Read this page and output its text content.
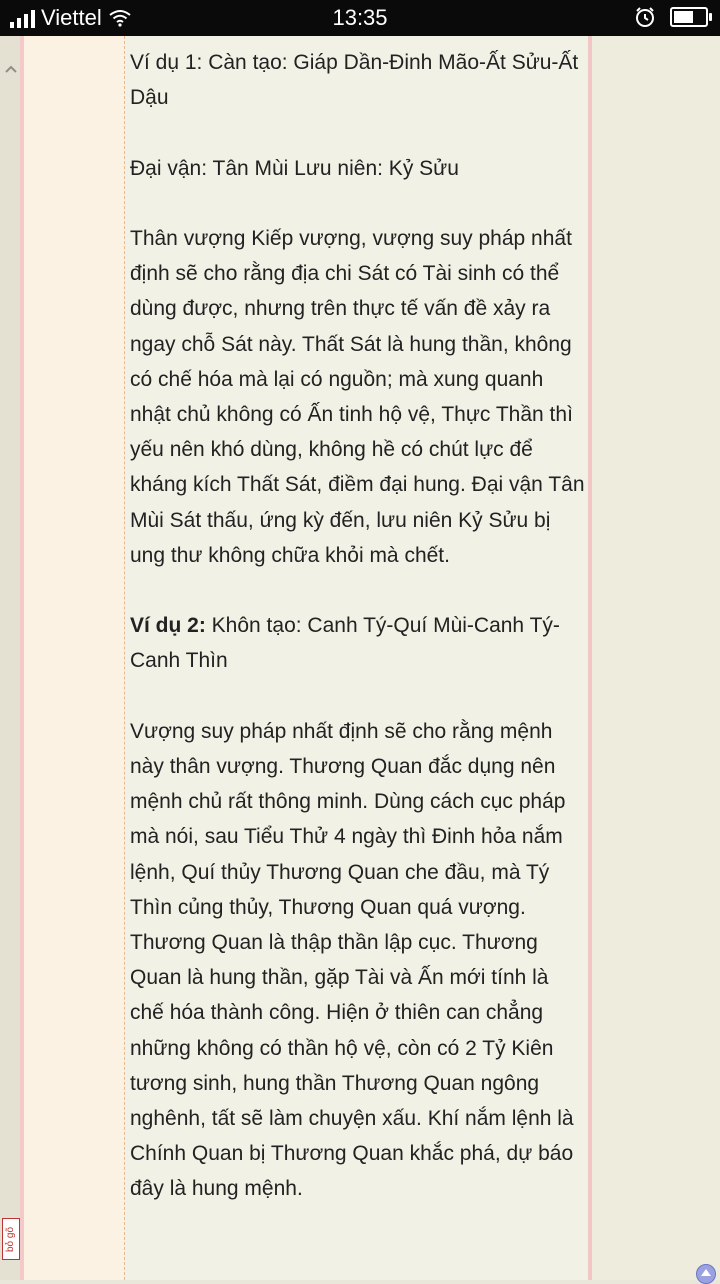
Viettel	13:35
bỏ gõ

Ví dụ 1: Càn tạo: Giáp Dần-Đinh Mão-Ất Sửu-Ất Dậu

Đại vận: Tân Mùi Lưu niên: Kỷ Sửu

Thân vượng Kiếp vượng, vượng suy pháp nhất định sẽ cho rằng địa chi Sát có Tài sinh có thể dùng được, nhưng trên thực tế vấn đề xảy ra ngay chỗ Sát này. Thất Sát là hung thần, không có chế hóa mà lại có nguồn; mà xung quanh nhật chủ không có Ấn tinh hộ vệ, Thực Thần thì yếu nên khó dùng, không hề có chút lực để kháng kích Thất Sát, điềm đại hung. Đại vận Tân Mùi Sát thấu, ứng kỳ đến, lưu niên Kỷ Sửu bị ung thư không chữa khỏi mà chết.

Ví dụ 2: Khôn tạo: Canh Tý-Quí Mùi-Canh Tý-Canh Thìn

Vượng suy pháp nhất định sẽ cho rằng mệnh này thân vượng. Thương Quan đắc dụng nên mệnh chủ rất thông minh. Dùng cách cục pháp mà nói, sau Tiểu Thử 4 ngày thì Đinh hỏa nắm lệnh, Quí thủy Thương Quan che đầu, mà Tý Thìn củng thủy, Thương Quan quá vượng. Thương Quan là thập thần lập cục. Thương Quan là hung thần, gặp Tài và Ấn mới tính là chế hóa thành công. Hiện ở thiên can chẳng những không có thần hộ vệ, còn có 2 Tỷ Kiên tương sinh, hung thần Thương Quan ngông nghênh, tất sẽ làm chuyện xấu. Khí nắm lệnh là Chính Quan bị Thương Quan khắc phá, dự báo đây là hung mệnh.
